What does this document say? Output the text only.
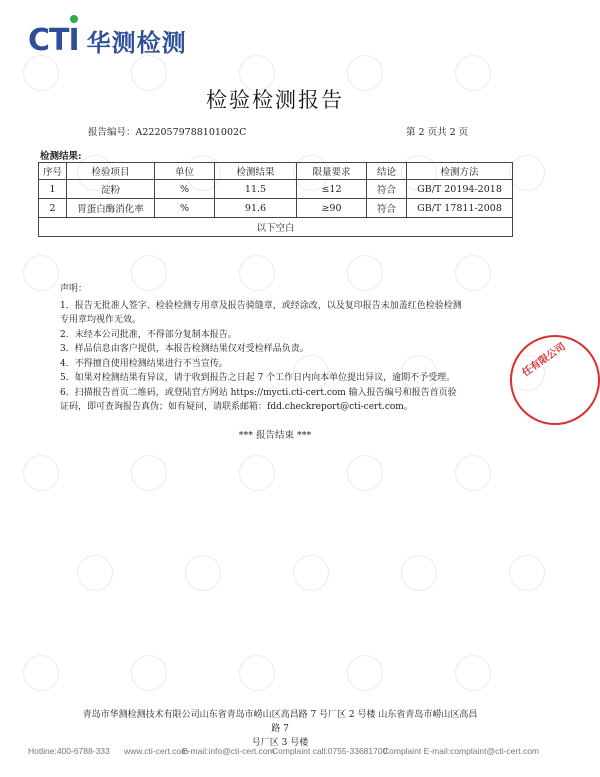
CTI 华测检测
检验检测报告
报告编号：A2220579788101002C	第 2 页共 2 页
检测结果:
序号	检验项目	单位	检测结果	限量要求	结论	检测方法
1	淀粉	%	11.5	≤12	符合	GB/T 20194-2018
2	胃蛋白酶消化率	%	91.6	≥90	符合	GB/T 17811-2008
以下空白						
声明：
1．报告无批准人签字、检验检测专用章及报告骑缝章，或经涂改，以及复印报告未加盖红色检验检测
专用章均视作无效。
2．未经本公司批准，不得部分复制本报告。
3．样品信息由客户提供，本报告检测结果仅对受检样品负责。
4．不得擅自使用检测结果进行不当宣传。
5．如果对检测结果有异议，请于收到报告之日起 7 个工作日内向本单位提出异议，逾期不予受理。
6．扫描报告首页二维码，或登陆官方网站 https://mycti.cti-cert.com 输入报告编号和报告首页验
证码，即可查询报告真伪；如有疑问，请联系邮箱：fdd.checkreport@cti-cert.com。
*** 报告结束 ***
任有限公司
青岛市华测检测技术有限公司山东省青岛市崂山区高昌路 7 号厂区 2 号楼 山东省青岛市崂山区高昌路 7
号厂区 3 号楼
Hotline:400-6788-333 www.cti-cert.com
E-mail:info@cti-cert.com
Complaint call:0755-33681700
Complaint E-mail:complaint@cti-cert.com
